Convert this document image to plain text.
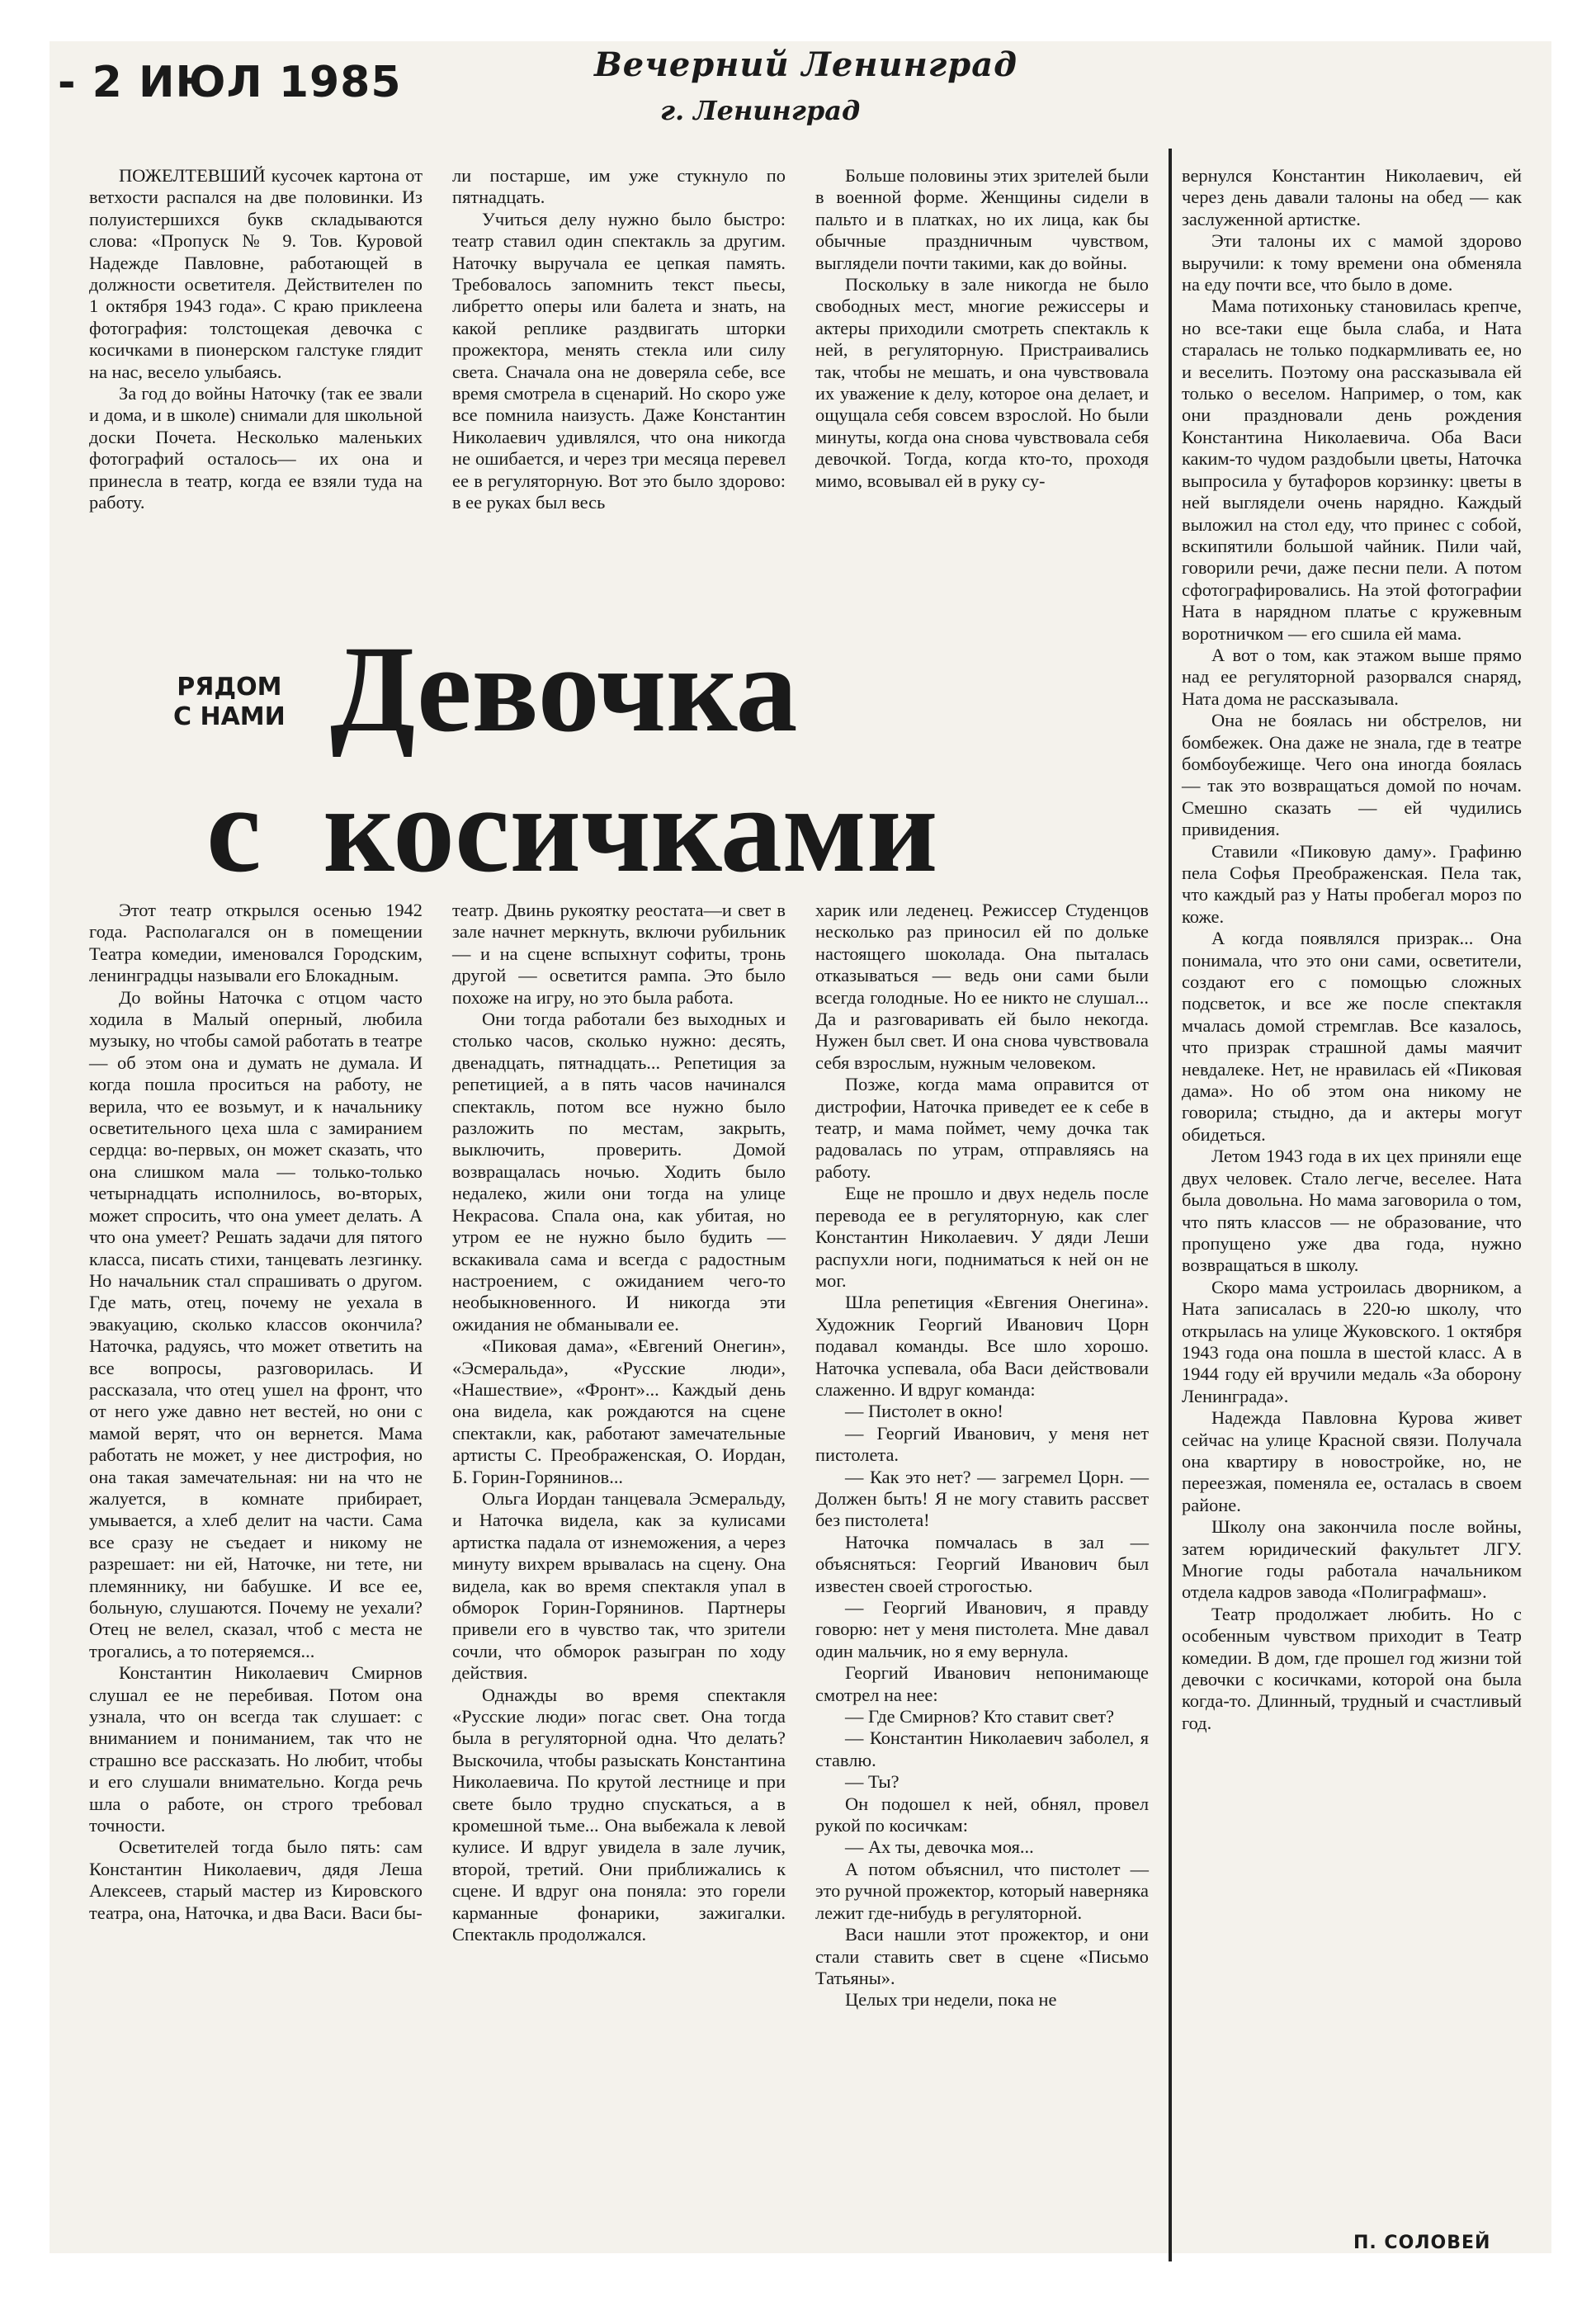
- 2 ИЮЛ 1985	Вечерний Ленинград
г. Ленинград

ПОЖЕЛТЕВШИЙ кусочек картона от ветхости распался на две половинки. Из полуистершихся букв складываются слова: «Пропуск № 9. Тов. Куровой Надежде Павловне, работающей в должности осветителя. Действителен по 1 октября 1943 года». С краю приклеена фотография: толстощекая девочка с косичками в пионерском галстуке глядит на нас, весело улыбаясь.

За год до войны Наточку (так ее звали и дома, и в школе) снимали для школьной доски Почета. Несколько маленьких фотографий осталось— их она и принесла в театр, когда ее взяли туда на работу.

ли постарше, им уже стукнуло по пятнадцать.

Учиться делу нужно было быстро: театр ставил один спектакль за другим. Наточку выручала ее цепкая память. Требовалось запомнить текст пьесы, либретто оперы или балета и знать, на какой реплике раздвигать шторки прожектора, менять стекла или силу света. Сначала она не доверяла себе, все время смотрела в сценарий. Но скоро уже все помнила наизусть. Даже Константин Николаевич удивлялся, что она никогда не ошибается, и через три месяца перевел ее в регуляторную. Вот это было здорово: в ее руках был весь

Больше половины этих зрителей были в военной форме. Женщины сидели в пальто и в платках, но их лица, как бы обычные праздничным чувством, выглядели почти такими, как до войны.

Поскольку в зале никогда не было свободных мест, многие режиссеры и актеры приходили смотреть спектакль к ней, в регуляторную. Пристраивались так, чтобы не мешать, и она чувствовала их уважение к делу, которое она делает, и ощущала себя совсем взрослой. Но были минуты, когда она снова чувствовала себя девочкой. Тогда, когда кто-то, проходя мимо, всовывал ей в руку су-

РЯДОМ
С НАМИ Девочка
с  косичками

Этот театр открылся осенью 1942 года. Располагался он в помещении Театра комедии, именовался Городским, ленинградцы называли его Блокадным.

До войны Наточка с отцом часто ходила в Малый оперный, любила музыку, но чтобы самой работать в театре — об этом она и думать не думала. И когда пошла проситься на работу, не верила, что ее возьмут, и к начальнику осветительного цеха шла с замиранием сердца: во-первых, он может сказать, что она слишком мала — только-только четырнадцать исполнилось, во-вторых, может спросить, что она умеет делать. А что она умеет? Решать задачи для пятого класса, писать стихи, танцевать лезгинку. Но начальник стал спрашивать о другом. Где мать, отец, почему не уехала в эвакуацию, сколько классов окончила? Наточка, радуясь, что может ответить на все вопросы, разговорилась. И рассказала, что отец ушел на фронт, что от него уже давно нет вестей, но они с мамой верят, что он вернется. Мама работать не может, у нее дистрофия, но она такая замечательная: ни на что не жалуется, в комнате прибирает, умывается, а хлеб делит на части. Сама все сразу не съедает и никому не разрешает: ни ей, Наточке, ни тете, ни племяннику, ни бабушке. И все ее, больную, слушаются. Почему не уехали? Отец не велел, сказал, чтоб с места не трогались, а то потеряемся...

Константин Николаевич Смирнов слушал ее не перебивая. Потом она узнала, что он всегда так слушает: с вниманием и пониманием, так что не страшно все рассказать. Но любит, чтобы и его слушали внимательно. Когда речь шла о работе, он строго требовал точности.

Осветителей тогда было пять: сам Константин Николаевич, дядя Леша Алексеев, старый мастер из Кировского театра, она, Наточка, и два Васи. Васи бы-

театр. Двинь рукоятку реостата—и свет в зале начнет меркнуть, включи рубильник — и на сцене вспыхнут софиты, тронь другой — осветится рампа. Это было похоже на игру, но это была работа.

Они тогда работали без выходных и столько часов, сколько нужно: десять, двенадцать, пятнадцать... Репетиция за репетицией, а в пять часов начинался спектакль, потом все нужно было разложить по местам, закрыть, выключить, проверить. Домой возвращалась ночью. Ходить было недалеко, жили они тогда на улице Некрасова. Спала она, как убитая, но утром ее не нужно было будить — вскакивала сама и всегда с радостным настроением, с ожиданием чего-то необыкновенного. И никогда эти ожидания не обманывали ее.

«Пиковая дама», «Евгений Онегин», «Эсмеральда», «Русские люди», «Нашествие», «Фронт»... Каждый день она видела, как рождаются на сцене спектакли, как, работают замечательные артисты С. Преображенская, О. Иордан, Б. Горин-Горянинов...

Ольга Иордан танцевала Эсмеральду, и Наточка видела, как за кулисами артистка падала от изнеможения, а через минуту вихрем врывалась на сцену. Она видела, как во время спектакля упал в обморок Горин-Горянинов. Партнеры привели его в чувство так, что зрители сочли, что обморок разыгран по ходу действия.

Однажды во время спектакля «Русские люди» погас свет. Она тогда была в регуляторной одна. Что делать? Выскочила, чтобы разыскать Константина Николаевича. По крутой лестнице и при свете было трудно спускаться, а в кромешной тьме... Она выбежала к левой кулисе. И вдруг увидела в зале лучик, второй, третий. Они приближались к сцене. И вдруг она поняла: это горели карманные фонарики, зажигалки. Спектакль продолжался.

харик или леденец. Режиссер Студенцов несколько раз приносил ей по дольке настоящего шоколада. Она пыталась отказываться — ведь они сами были всегда голодные. Но ее никто не слушал... Да и разговаривать ей было некогда. Нужен был свет. И она снова чувствовала себя взрослым, нужным человеком.

Позже, когда мама оправится от дистрофии, Наточка приведет ее к себе в театр, и мама поймет, чему дочка так радовалась по утрам, отправляясь на работу.

Еще не прошло и двух недель после перевода ее в регуляторную, как слег Константин Николаевич. У дяди Леши распухли ноги, подниматься к ней он не мог.

Шла репетиция «Евгения Онегина». Художник Георгий Иванович Цорн подавал команды. Все шло хорошо. Наточка успевала, оба Васи действовали слаженно. И вдруг команда:

— Пистолет в окно!

— Георгий Иванович, у меня нет пистолета.

— Как это нет? — загремел Цорн. — Должен быть! Я не могу ставить рассвет без пистолета!

Наточка помчалась в зал — объясняться: Георгий Иванович был известен своей строгостью.

— Георгий Иванович, я правду говорю: нет у меня пистолета. Мне давал один мальчик, но я ему вернула.

Георгий Иванович непонимающе смотрел на нее:

— Где Смирнов? Кто ставит свет?

— Константин Николаевич заболел, я ставлю.

— Ты?

Он подошел к ней, обнял, провел рукой по косичкам:

— Ах ты, девочка моя...

А потом объяснил, что пистолет — это ручной прожектор, который наверняка лежит где-нибудь в регуляторной.

Васи нашли этот прожектор, и они стали ставить свет в сцене «Письмо Татьяны».

Целых три недели, пока не

вернулся Константин Николаевич, ей через день давали талоны на обед — как заслуженной артистке.

Эти талоны их с мамой здорово выручили: к тому времени она обменяла на еду почти все, что было в доме.

Мама потихоньку становилась крепче, но все-таки еще была слаба, и Ната старалась не только подкармливать ее, но и веселить. Поэтому она рассказывала ей только о веселом. Например, о том, как они праздновали день рождения Константина Николаевича. Оба Васи каким-то чудом раздобыли цветы, Наточка выпросила у бутафоров корзинку: цветы в ней выглядели очень нарядно. Каждый выложил на стол еду, что принес с собой, вскипятили большой чайник. Пили чай, говорили речи, даже песни пели. А потом сфотографировались. На этой фотографии Ната в нарядном платье с кружевным воротничком — его сшила ей мама.

А вот о том, как этажом выше прямо над ее регуляторной разорвался снаряд, Ната дома не рассказывала.

Она не боялась ни обстрелов, ни бомбежек. Она даже не знала, где в театре бомбоубежище. Чего она иногда боялась — так это возвращаться домой по ночам. Смешно сказать — ей чудились привидения.

Ставили «Пиковую даму». Графиню пела Софья Преображенская. Пела так, что каждый раз у Наты пробегал мороз по коже.

А когда появлялся призрак... Она понимала, что это они сами, осветители, создают его с помощью сложных подсветок, и все же после спектакля мчалась домой стремглав. Все казалось, что призрак страшной дамы маячит невдалеке. Нет, не нравилась ей «Пиковая дама». Но об этом она никому не говорила; стыдно, да и актеры могут обидеться.

Летом 1943 года в их цех приняли еще двух человек. Стало легче, веселее. Ната была довольна. Но мама заговорила о том, что пять классов — не образование, что пропущено уже два года, нужно возвращаться в школу.

Скоро мама устроилась дворником, а Ната записалась в 220-ю школу, что открылась на улице Жуковского. 1 октября 1943 года она пошла в шестой класс. А в 1944 году ей вручили медаль «За оборону Ленинграда».

Надежда Павловна Курова живет сейчас на улице Красной связи. Получала она квартиру в новостройке, но, не переезжая, поменяла ее, осталась в своем районе.

Школу она закончила после войны, затем юридический факультет ЛГУ. Многие годы работала начальником отдела кадров завода «Полиграфмаш».

Театр продолжает любить. Но с особенным чувством приходит в Театр комедии. В дом, где прошел год жизни той девочки с косичками, которой она была когда-то. Длинный, трудный и счастливый год.

П. СОЛОВЕЙ
